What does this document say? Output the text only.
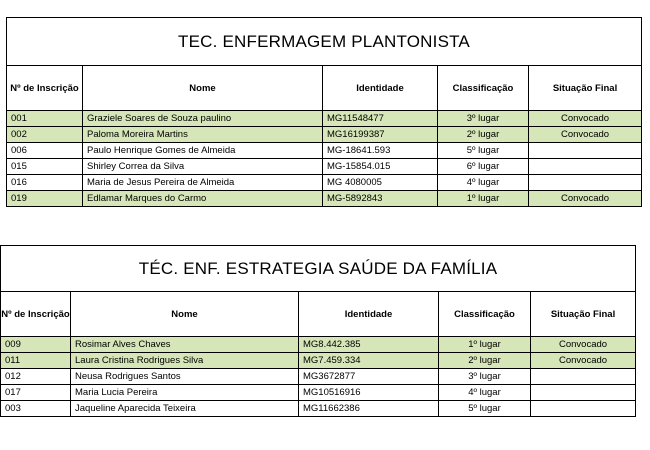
TEC. ENFERMAGEM PLANTONISTA				
Nº de Inscrição	Nome	Identidade	Classificação	Situação Final
001	Graziele Soares de Souza paulino	MG11548477	3º lugar	Convocado
002	Paloma Moreira Martins	MG16199387	2º lugar	Convocado
006	Paulo Henrique Gomes de Almeida	MG-18641.593	5º lugar	
015	Shirley Correa da Silva	MG-15854.015	6º lugar	
016	Maria de Jesus Pereira de Almeida	MG 4080005	4º lugar	
019	Edlamar Marques do Carmo	MG-5892843	1º lugar	Convocado
TÉC. ENF. ESTRATEGIA SAÚDE DA FAMÍLIA				
Nº de Inscrição	Nome	Identidade	Classificação	Situação Final
009	Rosimar Alves Chaves	MG8.442.385	1º lugar	Convocado
011	Laura Cristina Rodrigues Silva	MG7.459.334	2º lugar	Convocado
012	Neusa Rodrigues Santos	MG3672877	3º lugar	
017	Maria Lucia Pereira	MG10516916	4º lugar	
003	Jaqueline Aparecida Teixeira	MG11662386	5º lugar	
